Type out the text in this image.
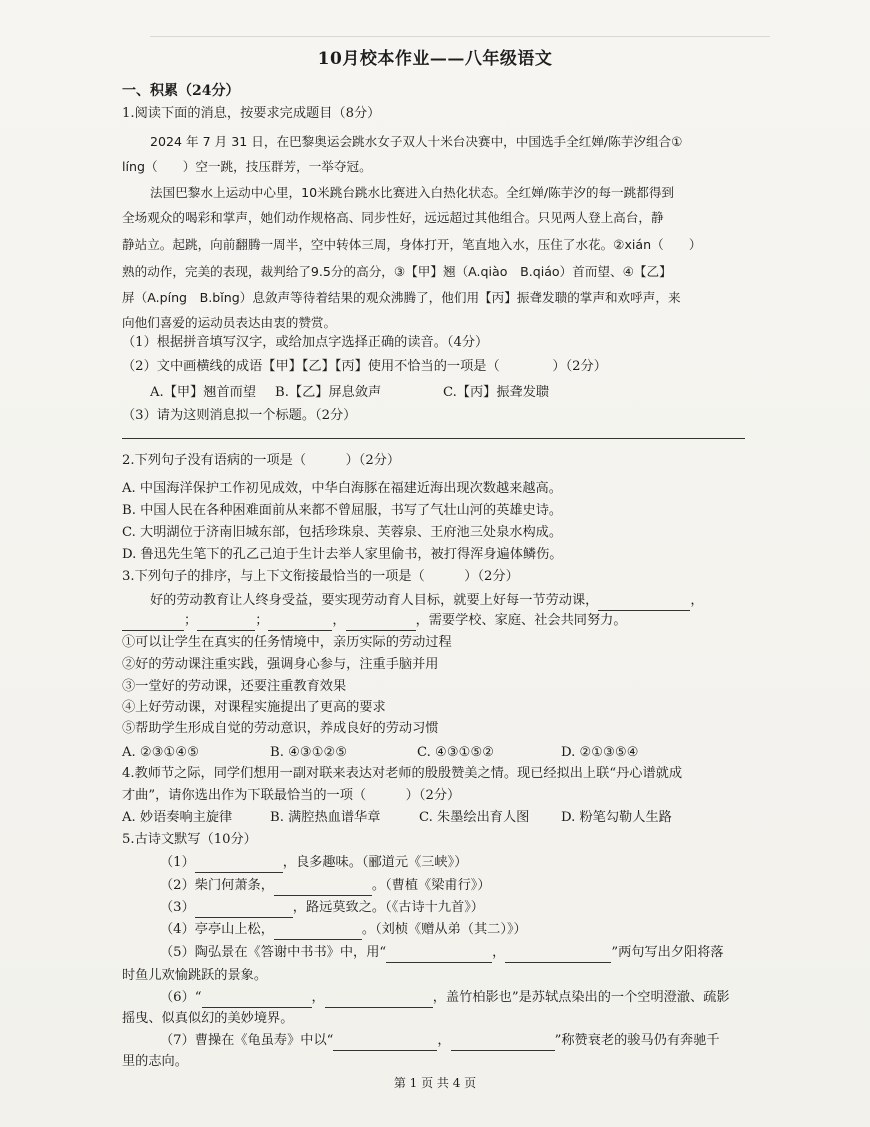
10月校本作业——八年级语文
一、积累（24分）
1.阅读下面的消息，按要求完成题目（8分）
2024 年 7 月 31 日，在巴黎奥运会跳水女子双人十米台决赛中，中国选手全红婵/陈芋汐组合①
líng（　　）空一跳，技压群芳，一举夺冠。
法国巴黎水上运动中心里，10米跳台跳水比赛进入白热化状态。全红婵/陈芋汐的每一跳都得到
全场观众的喝彩和掌声，她们动作规格高、同步性好，远远超过其他组合。只见两人登上高台，静
静站立。起跳，向前翻腾一周半，空中转体三周，身体打开，笔直地入水，压住了水花。②xián（　　）
熟的动作，完美的表现，裁判给了9.5分的高分，③【甲】翘（A.qiào　B.qiáo）首而望、④【乙】
屏（A.píng　B.bǐng）息敛声等待着结果的观众沸腾了，他们用【丙】振聋发聩的掌声和欢呼声，来
向他们喜爱的运动员表达由衷的赞赏。
（1）根据拼音填写汉字，或给加点字选择正确的读音。（4分）
（2）文中画横线的成语【甲】【乙】【丙】使用不恰当的一项是（　　　　）（2分）
A.【甲】翘首而望 B.【乙】屏息敛声	C.【丙】振聋发聩
（3）请为这则消息拟一个标题。（2分）
2.下列句子没有语病的一项是（　　　）（2分）
A. 中国海洋保护工作初见成效，中华白海豚在福建近海出现次数越来越高。
B. 中国人民在各种困难面前从来都不曾屈服，书写了气壮山河的英雄史诗。
C. 大明湖位于济南旧城东部，包括珍珠泉、芙蓉泉、王府池三处泉水构成。
D. 鲁迅先生笔下的孔乙己迫于生计去举人家里偷书，被打得浑身遍体鳞伤。
3.下列句子的排序，与上下文衔接最恰当的一项是（　　　）（2分）
好的劳动教育让人终身受益，要实现劳动育人目标，就要上好每一节劳动课，	，
；	；	，	，需要学校、家庭、社会共同努力。
①可以让学生在真实的任务情境中，亲历实际的劳动过程
②好的劳动课注重实践，强调身心参与，注重手脑并用
③一堂好的劳动课，还要注重教育效果
④上好劳动课，对课程实施提出了更高的要求
⑤帮助学生形成自觉的劳动意识，养成良好的劳动习惯
A. ②③①④⑤	B. ④③①②⑤	C. ④③①⑤②	D. ②①③⑤④
4.教师节之际，同学们想用一副对联来表达对老师的殷殷赞美之情。现已经拟出上联“丹心谱就成
才曲”，请你选出作为下联最恰当的一项（　　　）（2分）
A. 妙语奏响主旋律	B. 满腔热血谱华章	C. 朱墨绘出育人图 D. 粉笔勾勒人生路
5.古诗文默写（10分）
（1）	，良多趣味。（郦道元《三峡》）
（2）柴门何萧条，	。（曹植《梁甫行》）
（3）	，路远莫致之。（《古诗十九首》）
（4）亭亭山上松，	。（刘桢《赠从弟（其二）》）
（5）陶弘景在《答谢中书书》中，用“	，	”两句写出夕阳将落
时鱼儿欢愉跳跃的景象。
（6）“	，	，盖竹柏影也”是苏轼点染出的一个空明澄澈、疏影
摇曳、似真似幻的美妙境界。
（7）曹操在《龟虽寿》中以“	，	”称赞衰老的骏马仍有奔驰千
里的志向。
第 1 页 共 4 页
